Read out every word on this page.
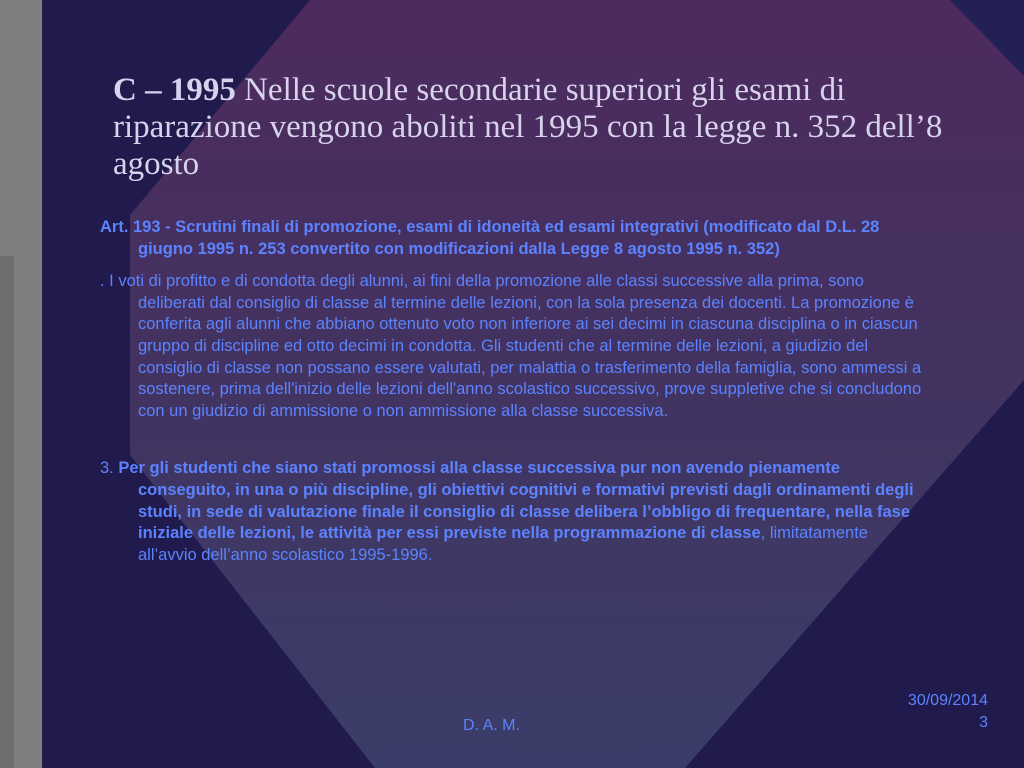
C – 1995 Nelle scuole secondarie superiori gli esami di riparazione vengono aboliti nel 1995 con la legge n. 352 dell’8 agosto

Art. 193 - Scrutini finali di promozione, esami di idoneità ed esami integrativi (modificato dal D.L. 28 giugno 1995 n. 253 convertito con modificazioni dalla Legge 8 agosto 1995 n. 352)

. I voti di profitto e di condotta degli alunni, ai fini della promozione alle classi successive alla prima, sono deliberati dal consiglio di classe al termine delle lezioni, con la sola presenza dei docenti. La promozione è conferita agli alunni che abbiano ottenuto voto non inferiore ai sei decimi in ciascuna disciplina o in ciascun gruppo di discipline ed otto decimi in condotta. Gli studenti che al termine delle lezioni, a giudizio del consiglio di classe non possano essere valutati, per malattia o trasferimento della famiglia, sono ammessi a sostenere, prima dell'inizio delle lezioni dell'anno scolastico successivo, prove suppletive che si concludono con un giudizio di ammissione o non ammissione alla classe successiva.

3. Per gli studenti che siano stati promossi alla classe successiva pur non avendo pienamente conseguito, in una o più discipline, gli obiettivi cognitivi e formativi previsti dagli ordinamenti degli studi, in sede di valutazione finale il consiglio di classe delibera l’obbligo di frequentare, nella fase iniziale delle lezioni, le attività per essi previste nella programmazione di classe, limitatamente all’avvio dell’anno scolastico 1995-1996.

D. A. M.
30/09/2014
3
